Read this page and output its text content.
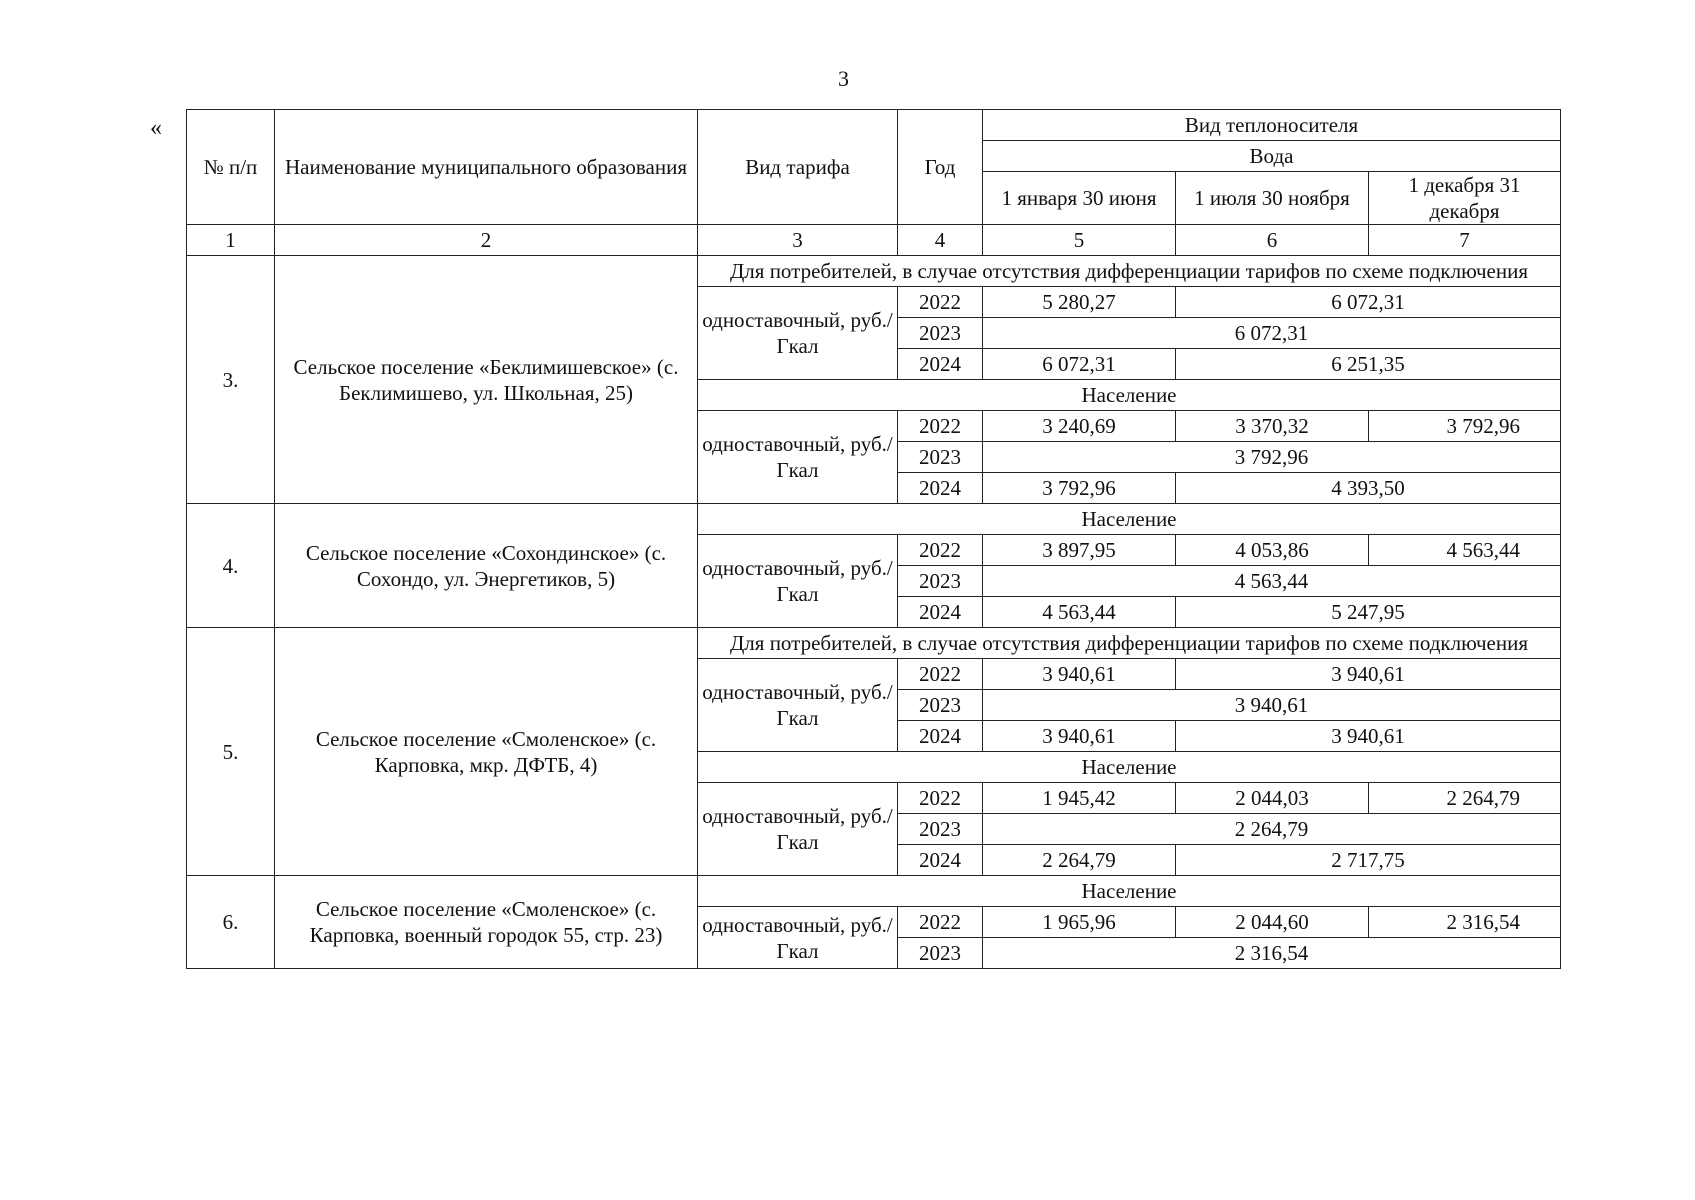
3
«
№ п/п	Наименование муниципального образования	Вид тарифа	Год	Вид теплоносителя		
				Вода		
				1 января 30 июня	1 июля 30 ноября	1 декабря 31 декабря
1	2	3	4	5	6	7
3.	Сельское поселение «Беклимишевское» (с. Беклимишево, ул. Школьная, 25)	Для потребителей, в случае отсутствия дифференциации тарифов по схеме подключения				
		одноставочный, руб./Гкал	2022	5 280,27	6 072,31	
			2023	6 072,31		
			2024	6 072,31	6 251,35	
		Население				
		одноставочный, руб./Гкал	2022	3 240,69	3 370,32	3 792,96
			2023	3 792,96		
			2024	3 792,96	4 393,50	
4.	Сельское поселение «Сохондинское» (с. Сохондо, ул. Энергетиков, 5)	Население				
		одноставочный, руб./Гкал	2022	3 897,95	4 053,86	4 563,44
			2023	4 563,44		
			2024	4 563,44	5 247,95	
5.	Сельское поселение «Смоленское» (с. Карповка, мкр. ДФТБ, 4)	Для потребителей, в случае отсутствия дифференциации тарифов по схеме подключения				
		одноставочный, руб./Гкал	2022	3 940,61	3 940,61	
			2023	3 940,61		
			2024	3 940,61	3 940,61	
		Население				
		одноставочный, руб./Гкал	2022	1 945,42	2 044,03	2 264,79
			2023	2 264,79		
			2024	2 264,79	2 717,75	
6.	Сельское поселение «Смоленское» (с. Карповка, военный городок 55, стр. 23)	Население				
		одноставочный, руб./Гкал	2022	1 965,96	2 044,60	2 316,54
			2023	2 316,54		
